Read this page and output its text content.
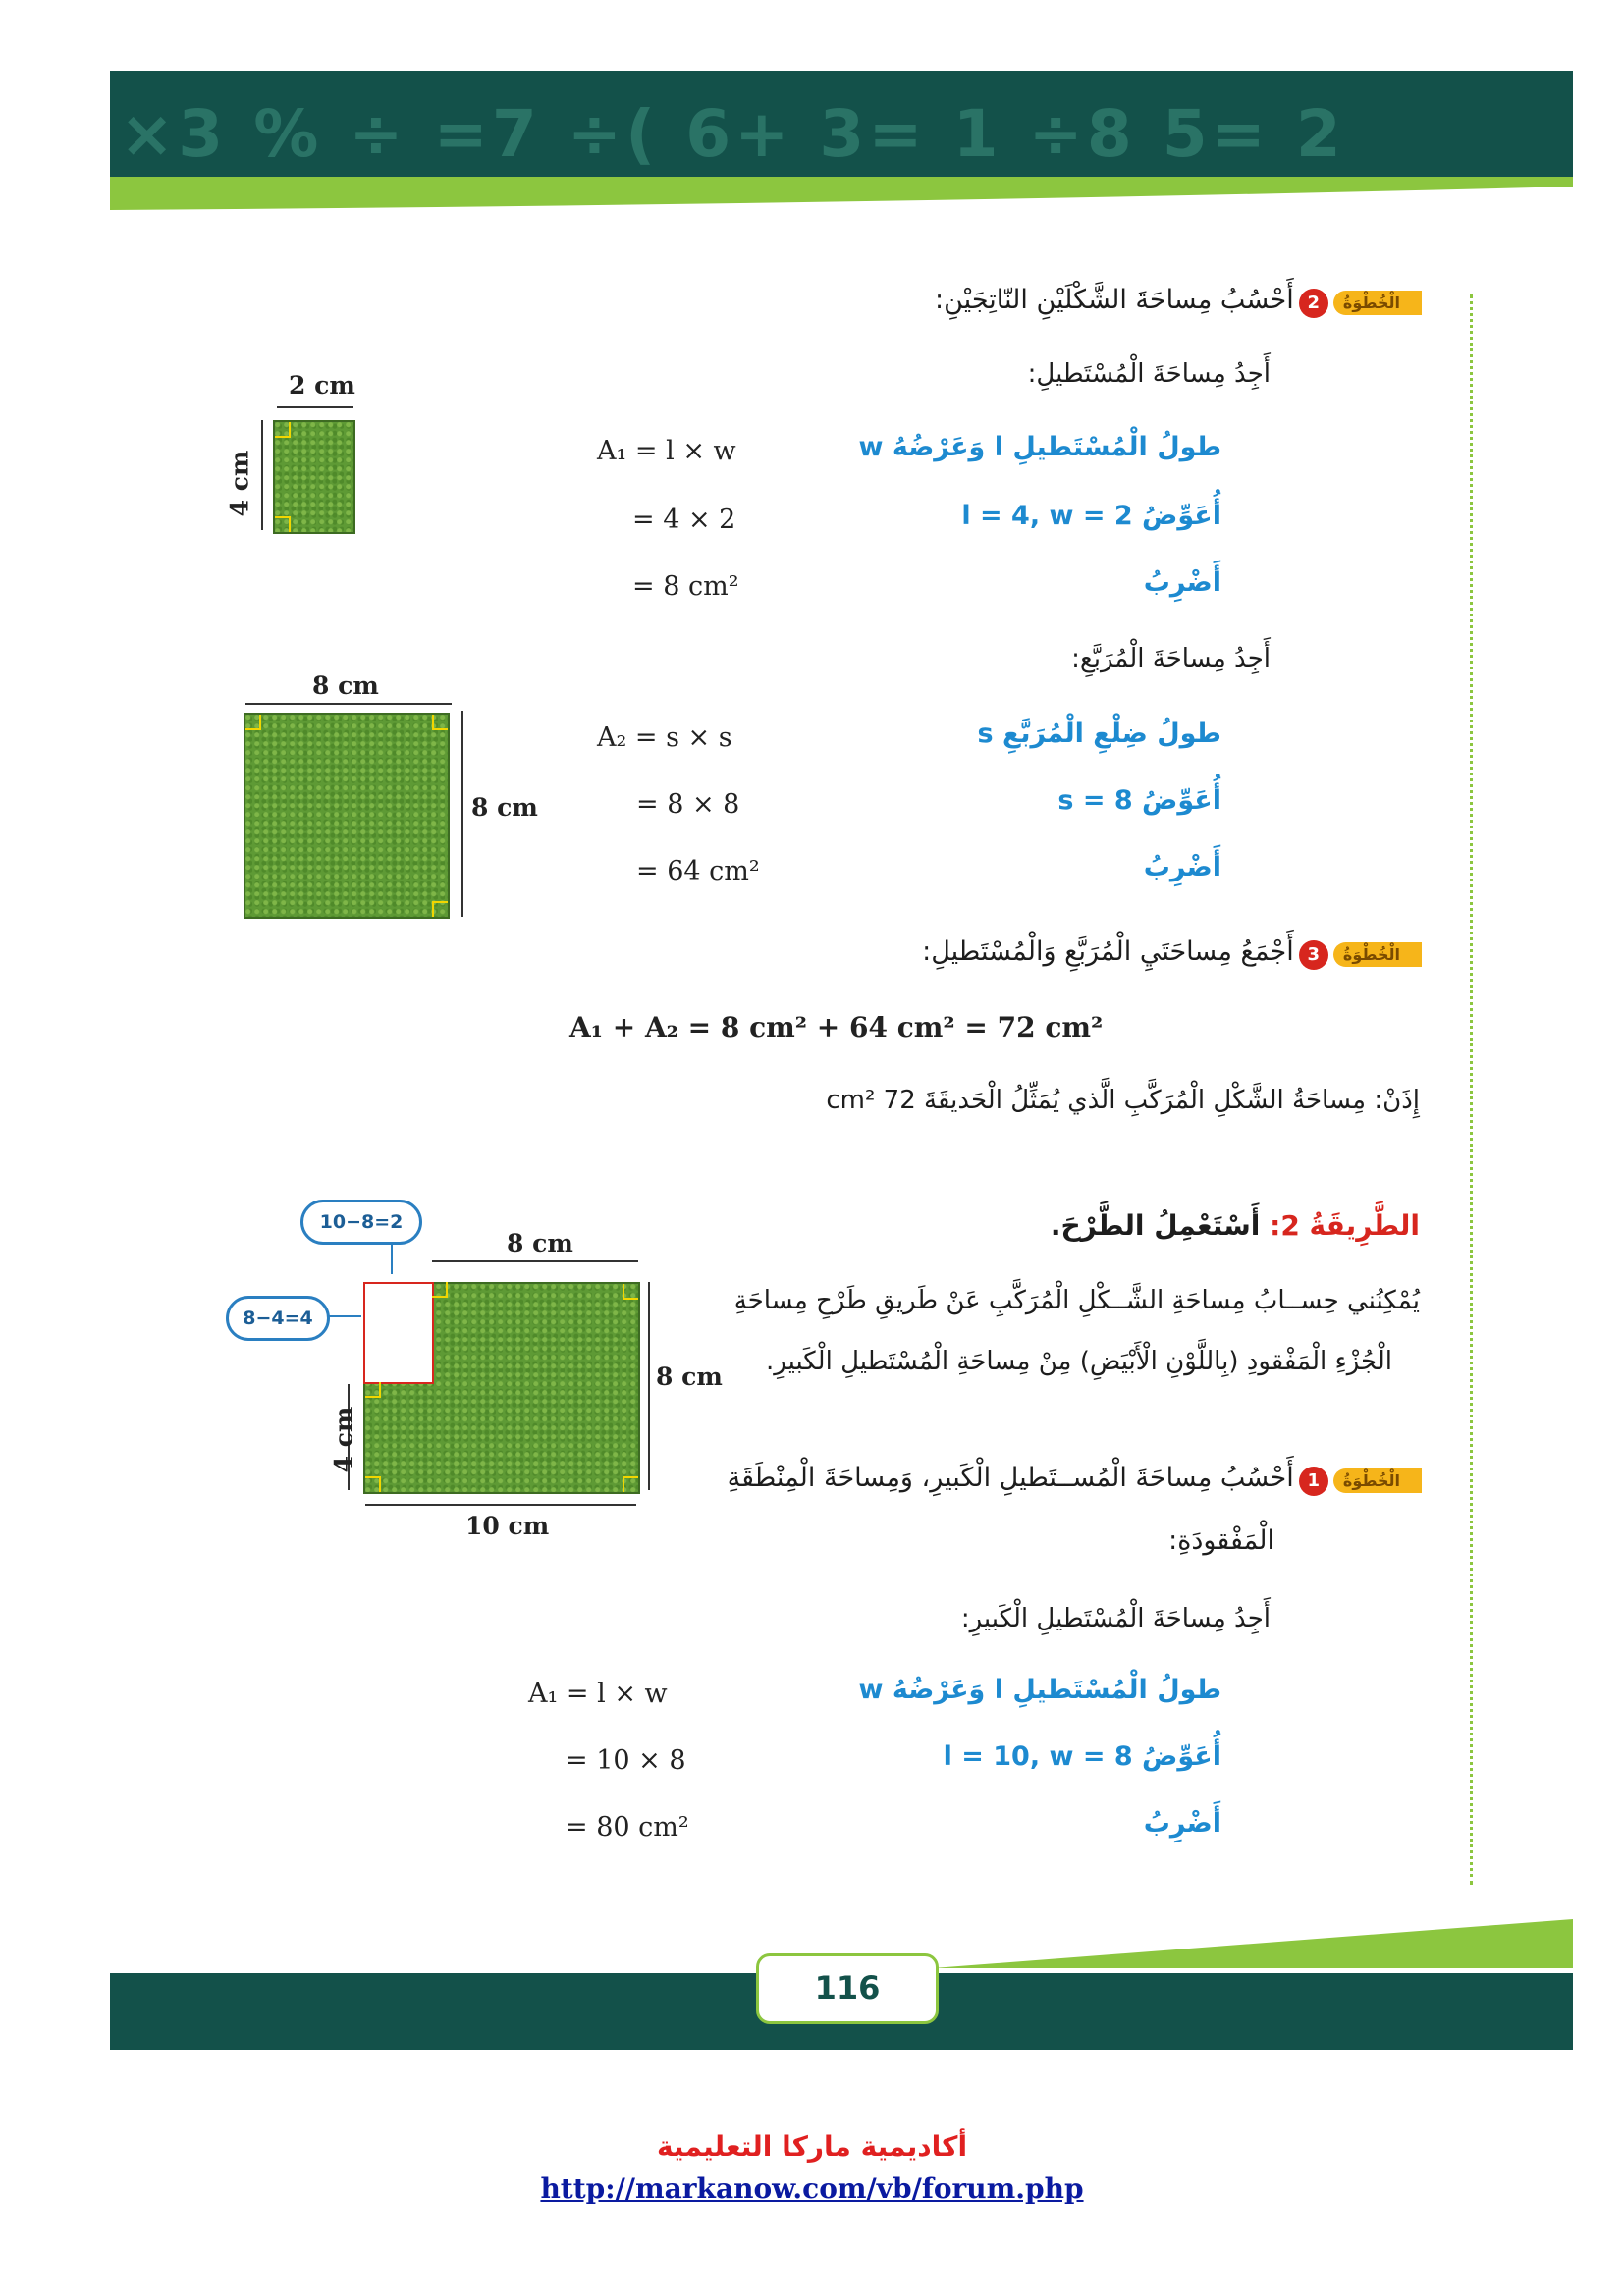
×3 % ÷ =7 ÷( 6+ 3= 1 ÷8 5= 2
الْخُطْوَةُ 2 أَحْسُبُ مِساحَةَ الشَّكْلَيْنِ النّاتِجَيْنِ:
أَجِدُ مِساحَةَ الْمُسْتَطيلِ:
طولُ الْمُسْتَطيلِ l وَعَرْضُهُ w
A₁ = l × w
أُعَوِّضُ l = 4, w = 2
= 4 × 2
أَضْرِبُ
= 8 cm²
2 cm
4 cm
أَجِدُ مِساحَةَ الْمُرَبَّعِ:
طولُ ضِلْعِ الْمُرَبَّعِ s
A₂ = s × s
أُعَوِّضُ s = 8
= 8 × 8
أَضْرِبُ
= 64 cm²
8 cm
8 cm
الْخُطْوَةُ 3 أَجْمَعُ مِساحَتَيِ الْمُرَبَّعِ وَالْمُسْتَطيلِ:
A₁ + A₂ = 8 cm² + 64 cm² = 72 cm²
إِذَنْ: مِساحَةُ الشَّكْلِ الْمُرَكَّبِ الَّذي يُمَثِّلُ الْحَديقَةَ 72 cm²
الطَّرِيقَةُ 2: أَسْتَعْمِلُ الطَّرْحَ.
يُمْكِنُني حِســابُ مِساحَةِ الشَّــكْلِ الْمُرَكَّبِ عَنْ طَريقِ طَرْحِ مِساحَةِ
الْجُزْءِ الْمَفْقودِ (بِاللَّوْنِ الْأَبْيَضِ) مِنْ مِساحَةِ الْمُسْتَطيلِ الْكَبيرِ.
10−8=2
8−4=4
8 cm
8 cm
4 cm
10 cm
الْخُطْوَةُ 1 أَحْسُبُ مِساحَةَ الْمُســتَطيلِ الْكَبيرِ، وَمِساحَةَ الْمِنْطَقَةِ
الْمَفْقودَةِ:
أَجِدُ مِساحَةَ الْمُسْتَطيلِ الْكَبيرِ:
طولُ الْمُسْتَطيلِ l وَعَرْضُهُ w
A₁ = l × w
أُعَوِّضُ l = 10, w = 8
= 10 × 8
أَضْرِبُ
= 80 cm²
116
أكاديمية ماركا التعليمية
http://markanow.com/vb/forum.php
